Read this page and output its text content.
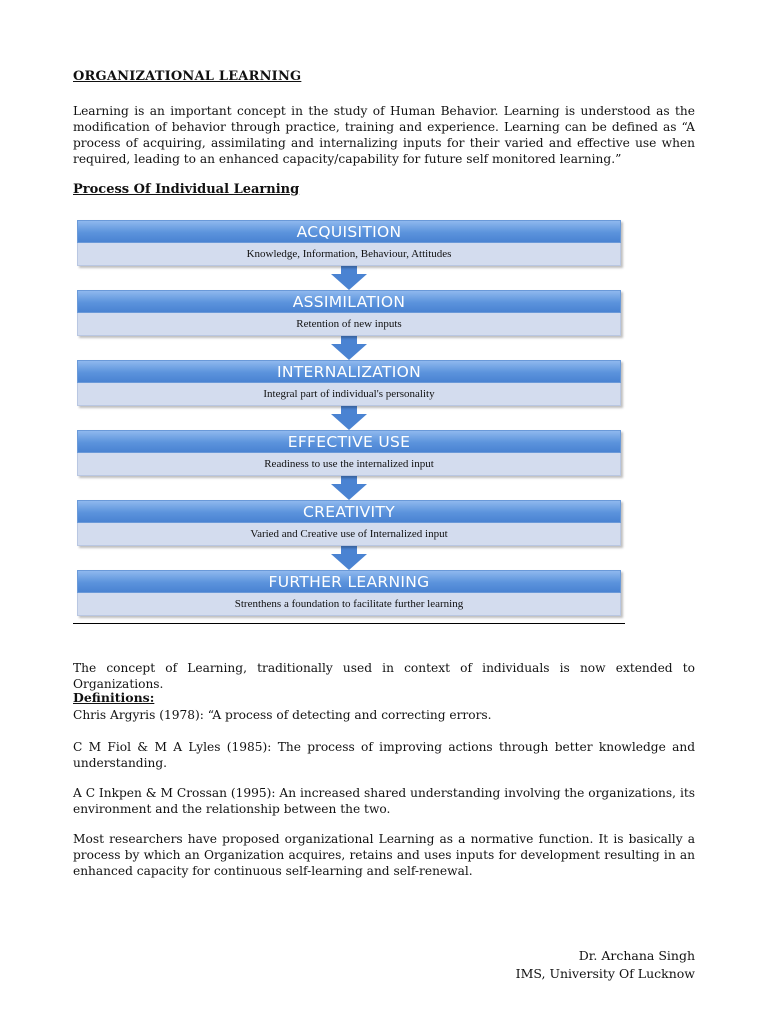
ORGANIZATIONAL LEARNING
Learning is an important concept in the study of Human Behavior. Learning is understood as the modification of behavior through practice, training and experience. Learning can be defined as “A process of acquiring, assimilating and internalizing inputs for their varied and effective use when required, leading to an enhanced capacity/capability for future self monitored learning.”
Process Of Individual Learning
ACQUISITION
Knowledge, Information, Behaviour, Attitudes
ASSIMILATION
Retention of new inputs
INTERNALIZATION
Integral part of individual's personality
EFFECTIVE USE
Readiness to use the internalized input
CREATIVITY
Varied and Creative use of Internalized input
FURTHER LEARNING
Strenthens a foundation to facilitate further learning
The concept of Learning, traditionally used in context of individuals is now extended to Organizations.
Definitions:
Chris Argyris (1978): “A process of detecting and correcting errors.
C M Fiol & M A Lyles (1985): The process of improving actions through better knowledge and understanding.
A C Inkpen & M Crossan (1995): An increased shared understanding involving the organizations, its environment and the relationship between the two.
Most researchers have proposed organizational Learning as a normative function. It is basically a process by which an Organization acquires, retains and uses inputs for development resulting in an enhanced capacity for continuous self-learning and self-renewal.
Dr. Archana Singh
IMS, University Of Lucknow
